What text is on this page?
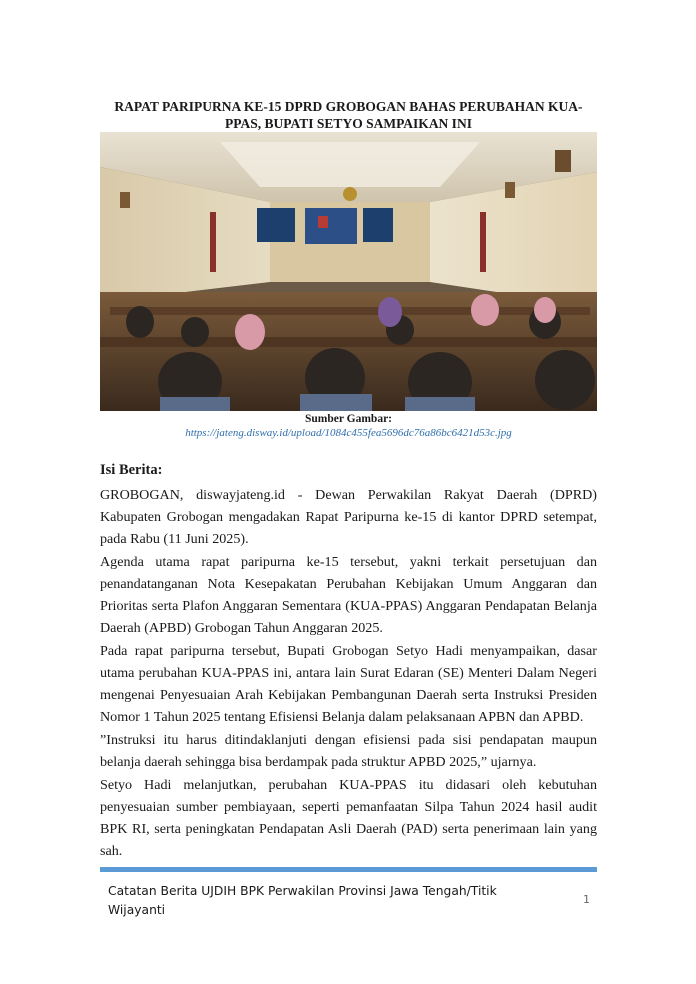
RAPAT PARIPURNA KE-15 DPRD GROBOGAN BAHAS PERUBAHAN KUA-PPAS, BUPATI SETYO SAMPAIKAN INI
Sumber Gambar:
https://jateng.disway.id/upload/1084c455fea5696dc76a86bc6421d53c.jpg
Isi Berita:

GROBOGAN, diswayjateng.id - Dewan Perwakilan Rakyat Daerah (DPRD) Kabupaten Grobogan mengadakan Rapat Paripurna ke-15 di kantor DPRD setempat, pada Rabu (11 Juni 2025).

Agenda utama rapat paripurna ke-15 tersebut, yakni terkait persetujuan dan penandatanganan Nota Kesepakatan Perubahan Kebijakan Umum Anggaran dan Prioritas serta Plafon Anggaran Sementara (KUA-PPAS) Anggaran Pendapatan Belanja Daerah (APBD) Grobogan Tahun Anggaran 2025.

Pada rapat paripurna tersebut, Bupati Grobogan Setyo Hadi menyampaikan, dasar utama perubahan KUA-PPAS ini, antara lain Surat Edaran (SE) Menteri Dalam Negeri mengenai Penyesuaian Arah Kebijakan Pembangunan Daerah serta Instruksi Presiden Nomor 1 Tahun 2025 tentang Efisiensi Belanja dalam pelaksanaan APBN dan APBD.

”Instruksi itu harus ditindaklanjuti dengan efisiensi pada sisi pendapatan maupun belanja daerah sehingga bisa berdampak pada struktur APBD 2025,” ujarnya.

Setyo Hadi melanjutkan, perubahan KUA-PPAS itu didasari oleh kebutuhan penyesuaian sumber pembiayaan, seperti pemanfaatan Silpa Tahun 2024 hasil audit BPK RI, serta peningkatan Pendapatan Asli Daerah (PAD) serta penerimaan lain yang sah.

Catatan Berita UJDIH BPK Perwakilan Provinsi Jawa Tengah/Titik Wijayanti
1
